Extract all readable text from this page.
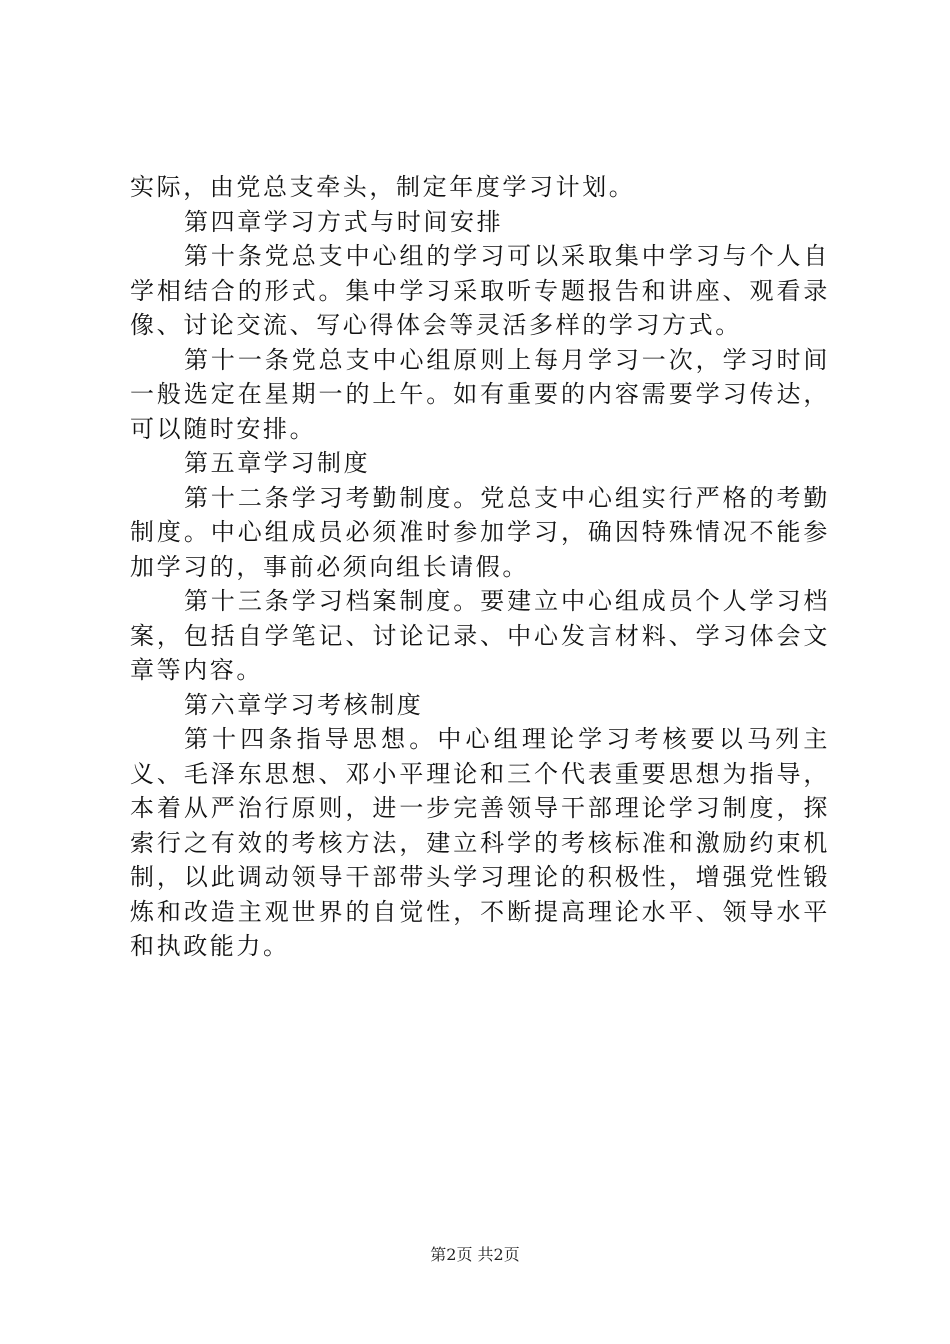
实际，由党总支牵头，制定年度学习计划。

第四章学习方式与时间安排

第十条党总支中心组的学习可以采取集中学习与个人自学相结合的形式。集中学习采取听专题报告和讲座、观看录像、讨论交流、写心得体会等灵活多样的学习方式。

第十一条党总支中心组原则上每月学习一次，学习时间一般选定在星期一的上午。如有重要的内容需要学习传达，可以随时安排。

第五章学习制度

第十二条学习考勤制度。党总支中心组实行严格的考勤制度。中心组成员必须准时参加学习，确因特殊情况不能参加学习的，事前必须向组长请假。

第十三条学习档案制度。要建立中心组成员个人学习档案，包括自学笔记、讨论记录、中心发言材料、学习体会文章等内容。

第六章学习考核制度

第十四条指导思想。中心组理论学习考核要以马列主义、毛泽东思想、邓小平理论和三个代表重要思想为指导，本着从严治行原则，进一步完善领导干部理论学习制度，探索行之有效的考核方法，建立科学的考核标准和激励约束机制，以此调动领导干部带头学习理论的积极性，增强党性锻炼和改造主观世界的自觉性，不断提高理论水平、领导水平和执政能力。

第2页 共2页
